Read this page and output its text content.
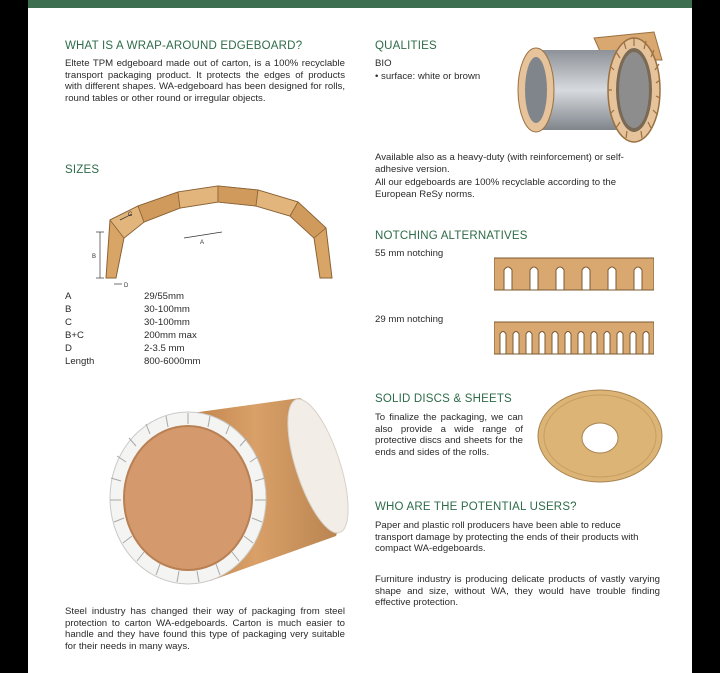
WHAT IS A WRAP-AROUND EDGEBOARD?
Eltete TPM edgeboard made out of carton, is a 100% recyclable transport packaging product. It protects the edges of products with different shapes. WA-edgeboard has been designed for rolls, round tables or other round or irregular objects.
SIZES
B
C
A
D
A	29/55mm
B	30-100mm
C	30-100mm
B+C	200mm max
D	2-3.5 mm
Length	800-6000mm
Steel industry has changed their way of packaging from steel protection to carton WA-edgeboards. Carton is much easier to handle and they have found this type of packaging very suitable for their needs in many ways.
QUALITIES
BIO
• surface: white or brown
Available also as a heavy-duty (with reinforcement) or self-adhesive version.
All our edgeboards are 100% recyclable according to the European ReSy norms.
NOTCHING ALTERNATIVES
55 mm notching
29 mm notching
SOLID DISCS & SHEETS
To finalize the packaging, we can also provide a wide range of protective discs and sheets for the ends and sides of the rolls.
WHO ARE THE POTENTIAL USERS?
Paper and plastic roll producers have been able to reduce transport damage by protecting the ends of their products with compact WA-edgeboards.
Furniture industry is producing delicate products of vastly varying shape and size, without WA, they would have trouble finding effective protection.
